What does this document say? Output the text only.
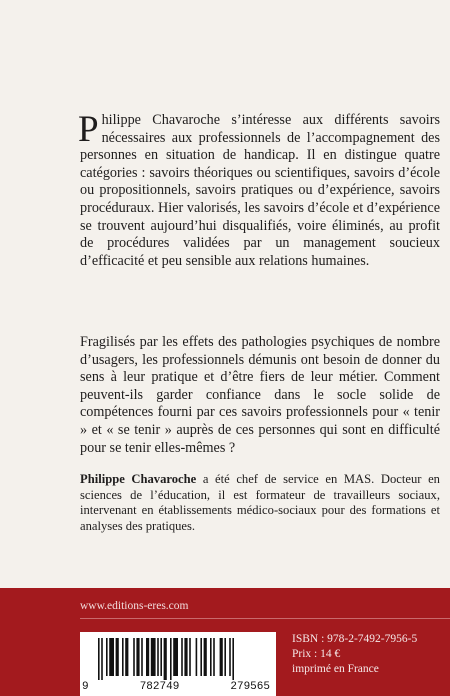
Philippe Chavaroche s’intéresse aux différents savoirs nécessaires aux professionnels de l’accompagnement des personnes en situation de handicap. Il en distingue quatre catégories : savoirs théoriques ou scientifiques, savoirs d’école ou propositionnels, savoirs pratiques ou d’expérience, savoirs procéduraux. Hier valorisés, les savoirs d’école et d’expérience se trouvent aujourd’hui disqualifiés, voire éliminés, au profit de procédures validées par un management soucieux d’efficacité et peu sensible aux relations humaines.

Fragilisés par les effets des pathologies psychiques de nombre d’usagers, les professionnels démunis ont besoin de donner du sens à leur pratique et d’être fiers de leur métier. Comment peuvent-ils garder confiance dans le socle solide de compétences fourni par ces savoirs professionnels pour « tenir » et « se tenir » auprès de ces personnes qui sont en difficulté pour se tenir elles-mêmes ?

Philippe Chavaroche a été chef de service en MAS. Docteur en sciences de l’éducation, il est formateur de travailleurs sociaux, intervenant en établissements médico-sociaux pour des formations et analyses des pratiques.

www.editions-eres.com
9	782749	279565
ISBN : 978-2-7492-7956-5
Prix : 14 €
imprimé en France
